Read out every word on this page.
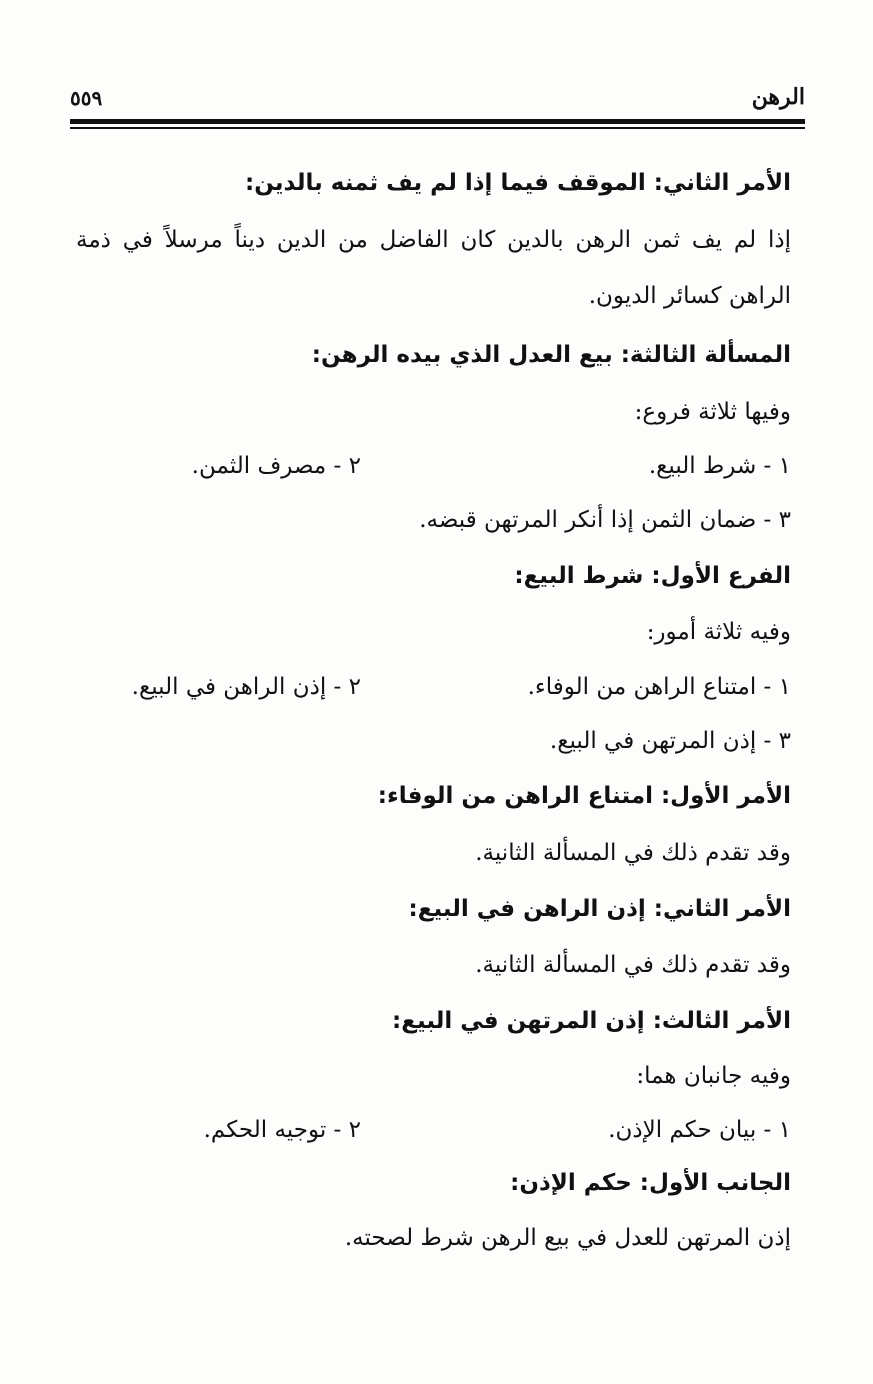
الرهن
٥٥٩
الأمر الثاني: الموقف فيما إذا لم يف ثمنه بالدين:
إذا لم يف ثمن الرهن بالدين كان الفاضل من الدين ديناً مرسلاً في ذمة
الراهن كسائر الديون.
المسألة الثالثة: بيع العدل الذي بيده الرهن:
وفيها ثلاثة فروع:
١ - شرط البيع.
٢ - مصرف الثمن.
٣ - ضمان الثمن إذا أنكر المرتهن قبضه.
الفرع الأول: شرط البيع:
وفيه ثلاثة أمور:
١ - امتناع الراهن من الوفاء.
٢ - إذن الراهن في البيع.
٣ - إذن المرتهن في البيع.
الأمر الأول: امتناع الراهن من الوفاء:
وقد تقدم ذلك في المسألة الثانية.
الأمر الثاني: إذن الراهن في البيع:
وقد تقدم ذلك في المسألة الثانية.
الأمر الثالث: إذن المرتهن في البيع:
وفيه جانبان هما:
١ - بيان حكم الإذن.
٢ - توجيه الحكم.
الجانب الأول: حكم الإذن:
إذن المرتهن للعدل في بيع الرهن شرط لصحته.
